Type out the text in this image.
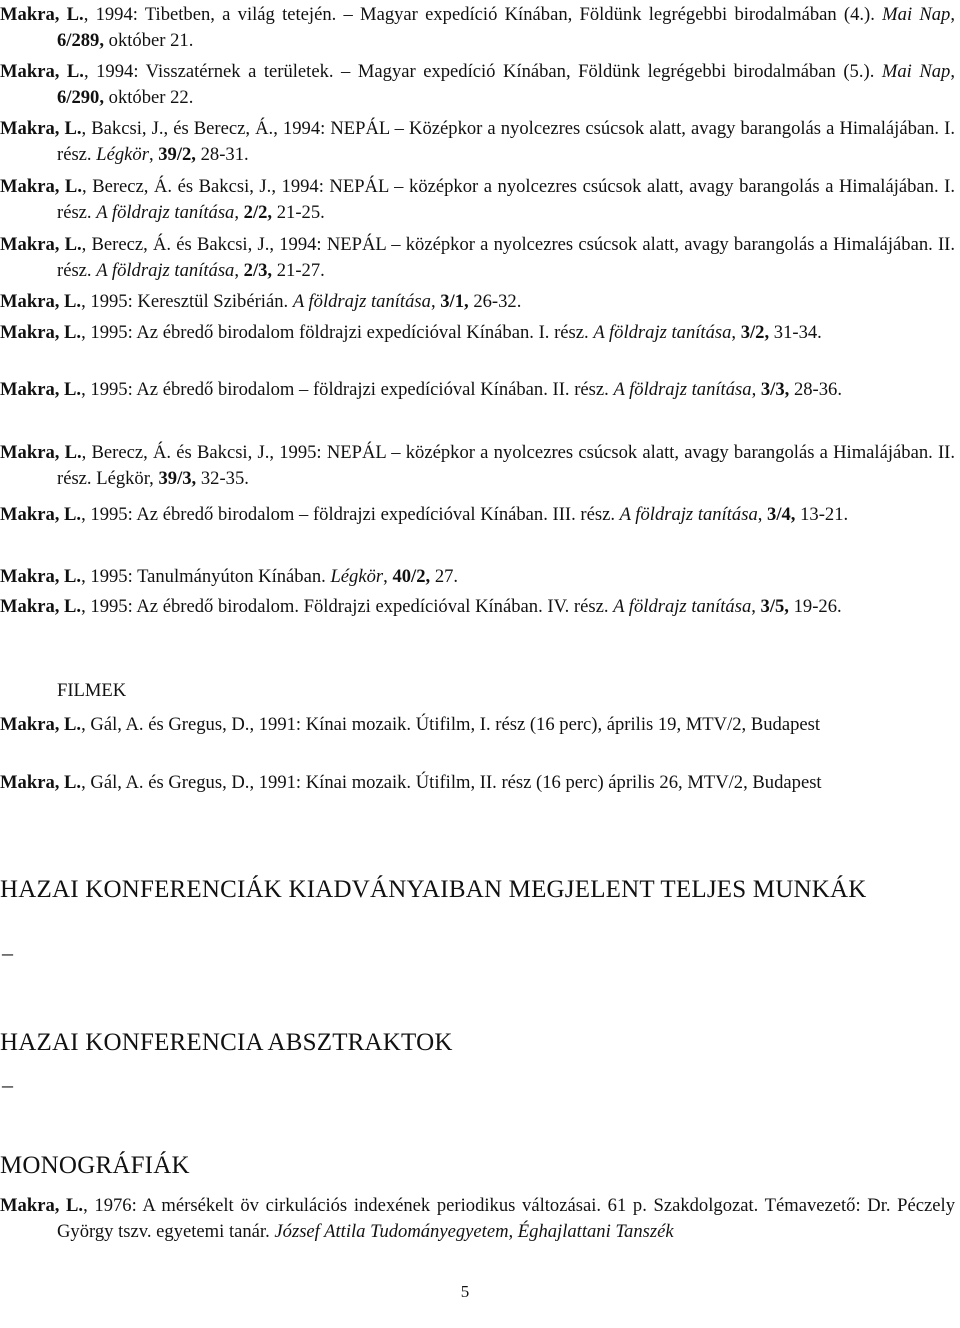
Makra, L., 1994: Tibetben, a világ tetején. – Magyar expedíció Kínában, Földünk legrégebbi birodalmában (4.). Mai Nap, 6/289, október 21.
Makra, L., 1994: Visszatérnek a területek. – Magyar expedíció Kínában, Földünk legrégebbi birodalmában (5.). Mai Nap, 6/290, október 22.
Makra, L., Bakcsi, J., és Berecz, Á., 1994: NEPÁL – Középkor a nyolcezres csúcsok alatt, avagy barangolás a Himalájában. I. rész. Légkör, 39/2, 28-31.
Makra, L., Berecz, Á. és Bakcsi, J., 1994: NEPÁL – középkor a nyolcezres csúcsok alatt, avagy barangolás a Himalájában. I. rész. A földrajz tanítása, 2/2, 21-25.
Makra, L., Berecz, Á. és Bakcsi, J., 1994: NEPÁL – középkor a nyolcezres csúcsok alatt, avagy barangolás a Himalájában. II. rész. A földrajz tanítása, 2/3, 21-27.
Makra, L., 1995: Keresztül Szibérián. A földrajz tanítása, 3/1, 26-32.
Makra, L., 1995: Az ébredő birodalom földrajzi expedícióval Kínában. I. rész. A földrajz tanítása, 3/2, 31-34.
Makra, L., 1995: Az ébredő birodalom – földrajzi expedícióval Kínában. II. rész. A földrajz tanítása, 3/3, 28-36.
Makra, L., Berecz, Á. és Bakcsi, J., 1995: NEPÁL – középkor a nyolcezres csúcsok alatt, avagy barangolás a Himalájában. II. rész. Légkör, 39/3, 32-35.
Makra, L., 1995: Az ébredő birodalom – földrajzi expedícióval Kínában. III. rész. A földrajz tanítása, 3/4, 13-21.
Makra, L., 1995: Tanulmányúton Kínában. Légkör, 40/2, 27.
Makra, L., 1995: Az ébredő birodalom. Földrajzi expedícióval Kínában. IV. rész. A földrajz tanítása, 3/5, 19-26.
FILMEK
Makra, L., Gál, A. és Gregus, D., 1991: Kínai mozaik. Útifilm, I. rész (16 perc), április 19, MTV/2, Budapest
Makra, L., Gál, A. és Gregus, D., 1991: Kínai mozaik. Útifilm, II. rész (16 perc) április 26, MTV/2, Budapest
HAZAI KONFERENCIÁK KIADVÁNYAIBAN MEGJELENT TELJES MUNKÁK
–
HAZAI KONFERENCIA ABSZTRAKTOK
–
MONOGRÁFIÁK
Makra, L., 1976: A mérsékelt öv cirkulációs indexének periodikus változásai. 61 p. Szakdolgozat. Témavezető: Dr. Péczely György tszv. egyetemi tanár. József Attila Tudományegyetem, Éghajlattani Tanszék
5
